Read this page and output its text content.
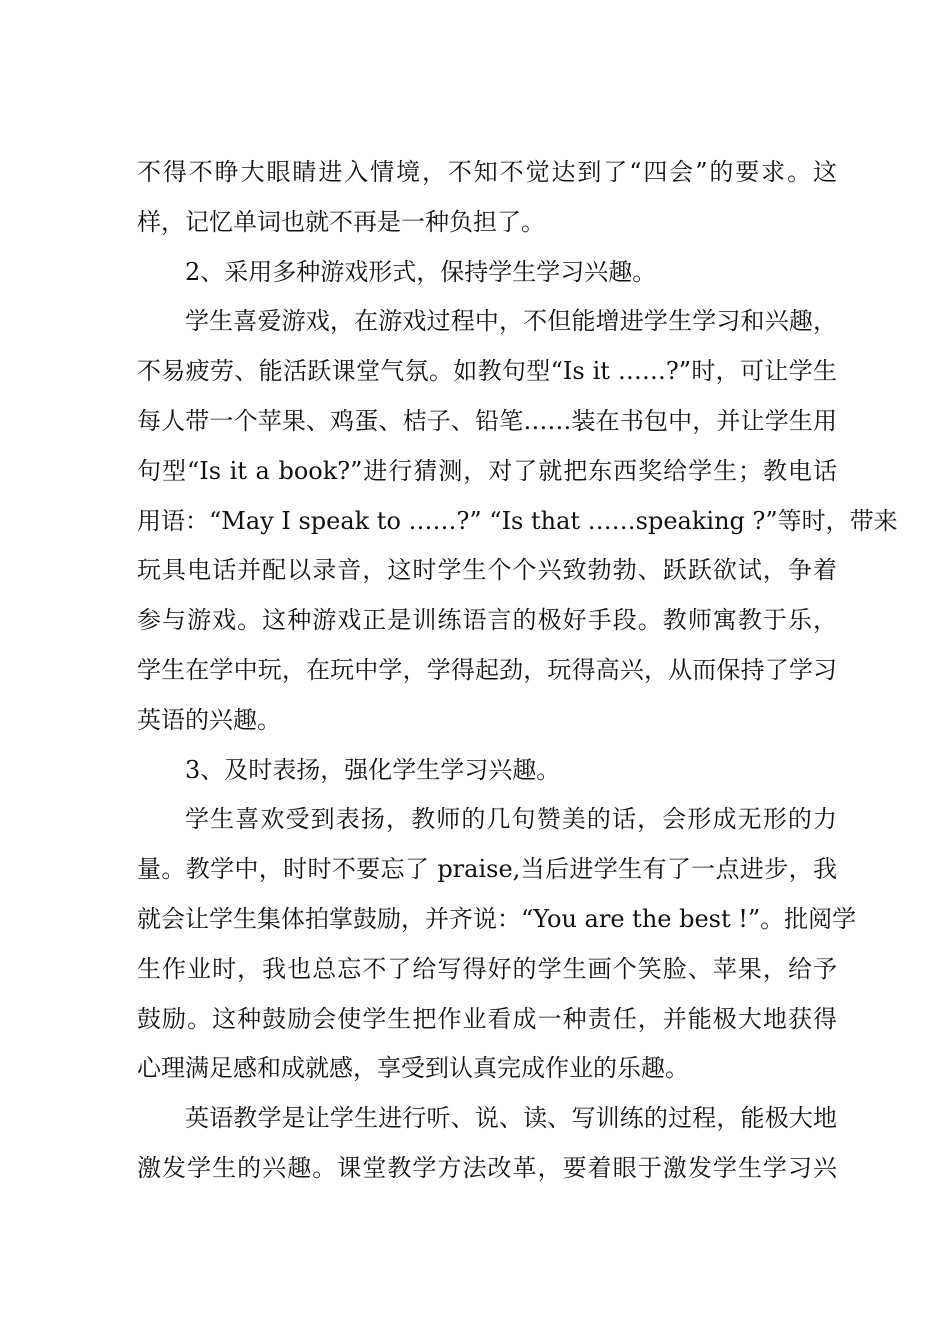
不得不睁大眼睛进入情境，不知不觉达到了“四会”的要求。这
样，记忆单词也就不再是一种负担了。
2、采用多种游戏形式，保持学生学习兴趣。
学生喜爱游戏，在游戏过程中，不但能增进学生学习和兴趣，
不易疲劳、能活跃课堂气氛。如教句型“Is it ……?”时，可让学生
每人带一个苹果、鸡蛋、桔子、铅笔……装在书包中，并让学生用
句型“Is it a book?”进行猜测，对了就把东西奖给学生；教电话
用语：“May I speak to ……?” “Is that ……speaking ?”等时，带来
玩具电话并配以录音，这时学生个个兴致勃勃、跃跃欲试，争着
参与游戏。这种游戏正是训练语言的极好手段。教师寓教于乐，
学生在学中玩，在玩中学，学得起劲，玩得高兴，从而保持了学习
英语的兴趣。
3、及时表扬，强化学生学习兴趣。
学生喜欢受到表扬，教师的几句赞美的话，会形成无形的力
量。教学中，时时不要忘了 praise,当后进学生有了一点进步，我
就会让学生集体拍掌鼓励，并齐说：“You are the best !”。批阅学
生作业时，我也总忘不了给写得好的学生画个笑脸、苹果，给予
鼓励。这种鼓励会使学生把作业看成一种责任，并能极大地获得
心理满足感和成就感，享受到认真完成作业的乐趣。
英语教学是让学生进行听、说、读、写训练的过程，能极大地
激发学生的兴趣。课堂教学方法改革，要着眼于激发学生学习兴
